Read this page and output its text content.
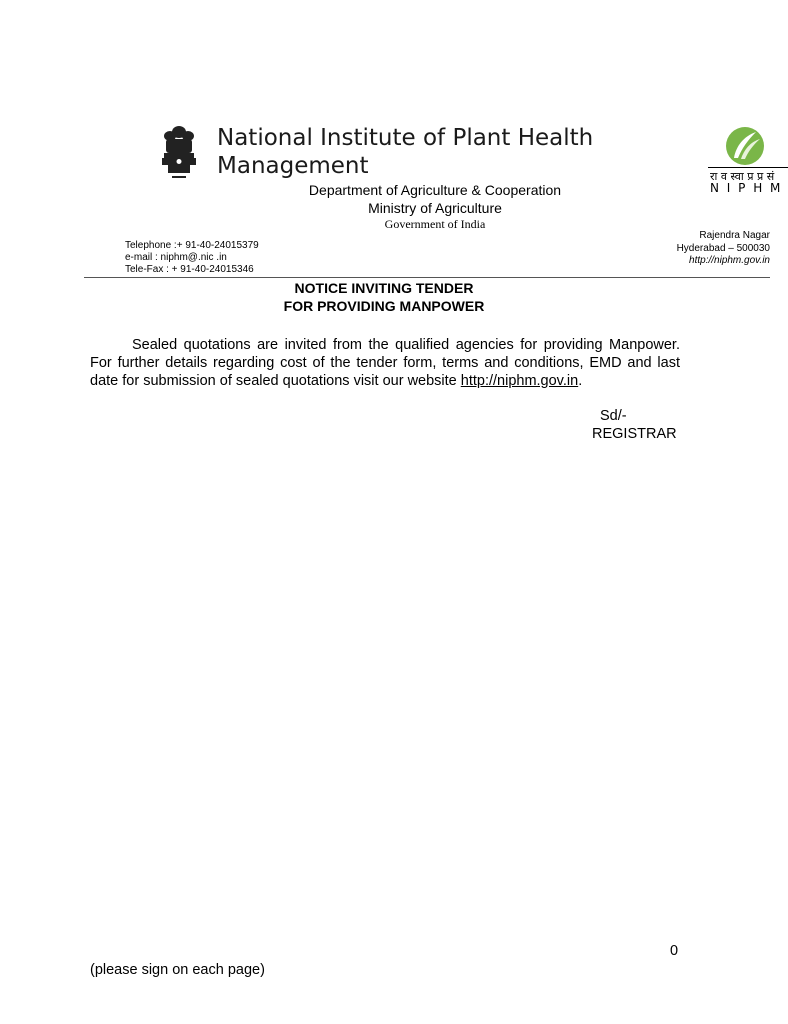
National Institute of Plant Health Management
Department of Agriculture & Cooperation
Ministry of Agriculture
Government of India
Telephone :+ 91-40-24015379
e-mail : niphm@.nic .in
Tele-Fax : + 91-40-24015346
रा व स्वा प्र प्र सं
N I P H M
Rajendra Nagar
Hyderabad – 500030
http://niphm.gov.in
NOTICE INVITING TENDER
FOR PROVIDING MANPOWER
Sealed quotations are invited from the qualified agencies for providing Manpower. For further details regarding cost of the tender form, terms and conditions, EMD and last date for submission of sealed quotations visit our website http://niphm.gov.in.
Sd/-
REGISTRAR
0
(please sign on each page)
